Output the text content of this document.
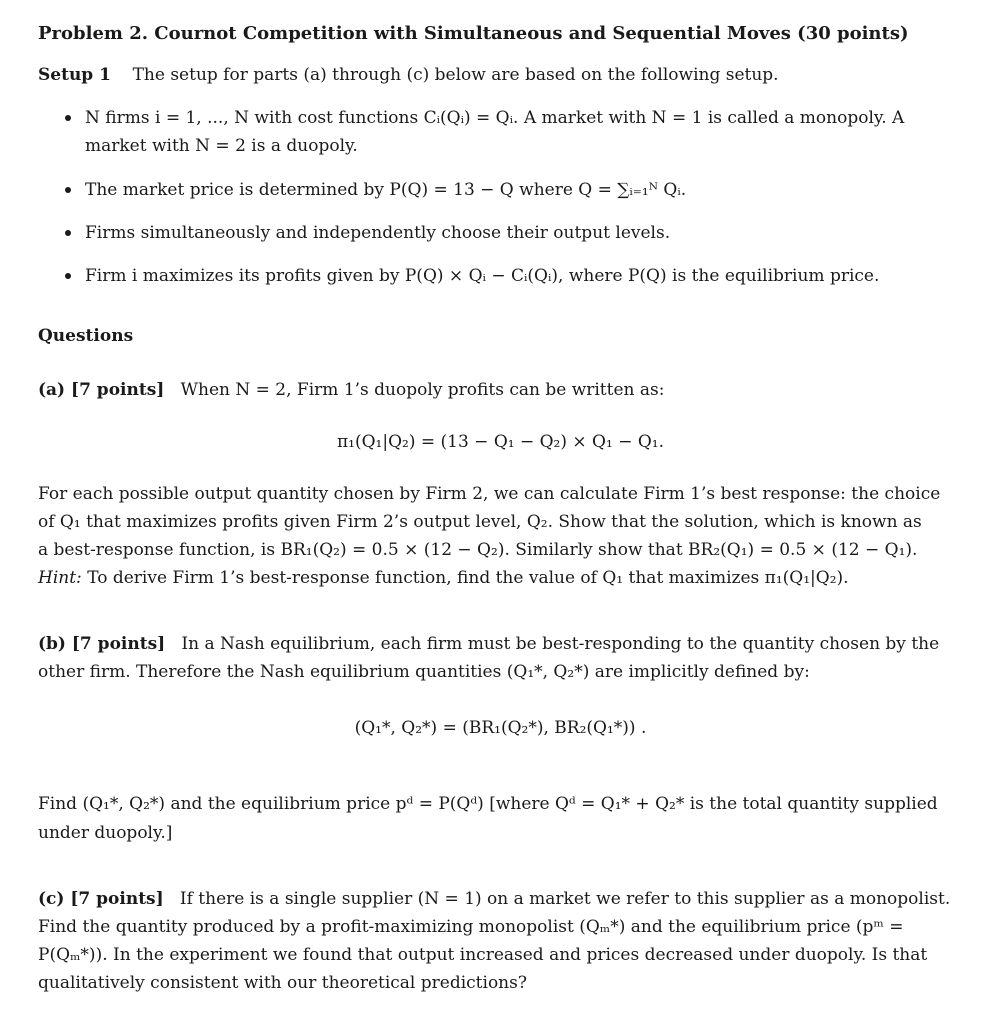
Problem 2. Cournot Competition with Simultaneous and Sequential Moves (30 points)
Setup 1 The setup for parts (a) through (c) below are based on the following setup.
N firms i = 1, ..., N with cost functions Cᵢ(Qᵢ) = Qᵢ. A market with N = 1 is called a monopoly. A
market with N = 2 is a duopoly.
The market price is determined by P(Q) = 13 − Q where Q = ∑ᵢ₌₁ᴺ Qᵢ.
Firms simultaneously and independently choose their output levels.
Firm i maximizes its profits given by P(Q) × Qᵢ − Cᵢ(Qᵢ), where P(Q) is the equilibrium price.
Questions
(a) [7 points] When N = 2, Firm 1’s duopoly profits can be written as:
π₁(Q₁|Q₂) = (13 − Q₁ − Q₂) × Q₁ − Q₁.
For each possible output quantity chosen by Firm 2, we can calculate Firm 1’s best response: the choice
of Q₁ that maximizes profits given Firm 2’s output level, Q₂. Show that the solution, which is known as
a best-response function, is BR₁(Q₂) = 0.5 × (12 − Q₂). Similarly show that BR₂(Q₁) = 0.5 × (12 − Q₁).
Hint: To derive Firm 1’s best-response function, find the value of Q₁ that maximizes π₁(Q₁|Q₂).
(b) [7 points] In a Nash equilibrium, each firm must be best-responding to the quantity chosen by the
other firm. Therefore the Nash equilibrium quantities (Q₁*, Q₂*) are implicitly defined by:
(Q₁*, Q₂*) = (BR₁(Q₂*), BR₂(Q₁*)) .
Find (Q₁*, Q₂*) and the equilibrium price pᵈ = P(Qᵈ) [where Qᵈ = Q₁* + Q₂* is the total quantity supplied
under duopoly.]
(c) [7 points] If there is a single supplier (N = 1) on a market we refer to this supplier as a monopolist.
Find the quantity produced by a profit-maximizing monopolist (Qₘ*) and the equilibrium price (pᵐ =
P(Qₘ*)). In the experiment we found that output increased and prices decreased under duopoly. Is that
qualitatively consistent with our theoretical predictions?
